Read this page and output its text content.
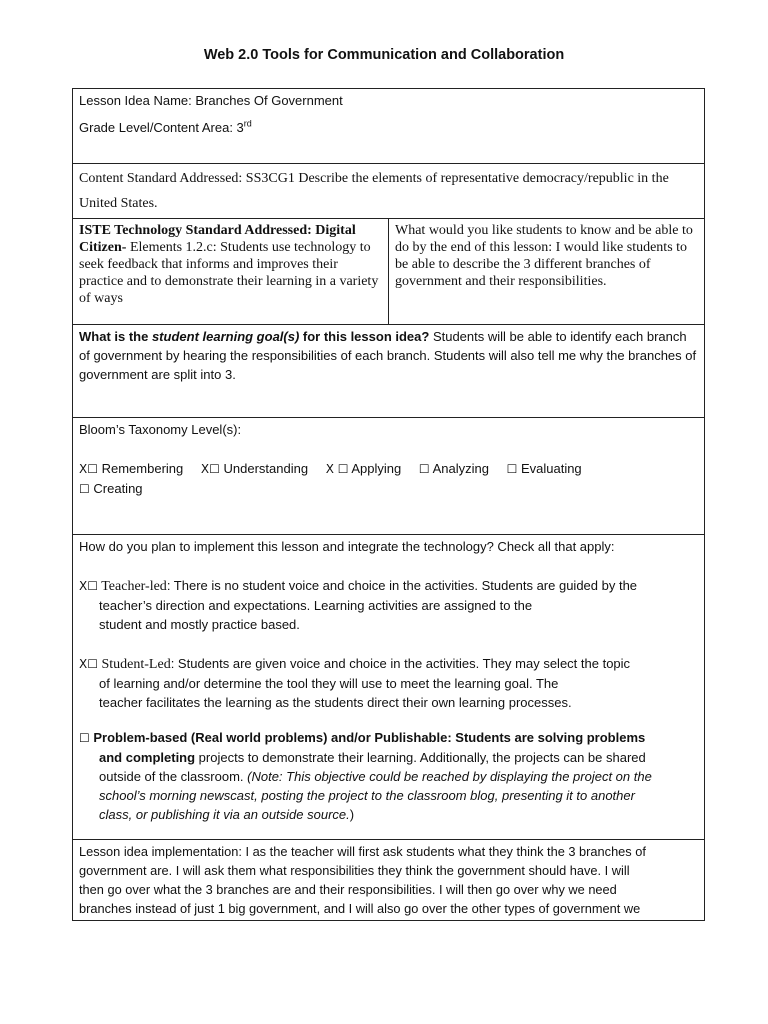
Web 2.0 Tools for Communication and Collaboration

Lesson Idea Name: Branches Of Government

Grade Level/Content Area: 3rd

Content Standard Addressed: SS3CG1 Describe the elements of representative democracy/republic in the United States.
ISTE Technology Standard Addressed: Digital Citizen- Elements 1.2.c: Students use technology to seek feedback that informs and improves their practice and to demonstrate their learning in a variety of ways	What would you like students to know and be able to do by the end of this lesson: I would like students to be able to describe the 3 different branches of government and their responsibilities.

What is the student learning goal(s) for this lesson idea? Students will be able to identify each branch of government by hearing the responsibilities of each branch. Students will also tell me why the branches of government are split into 3.

Bloom’s Taxonomy Level(s):

X☐ Remembering X☐ Understanding X ☐ Applying ☐ Analyzing ☐ Evaluating

☐ Creating

How do you plan to implement this lesson and integrate the technology? Check all that apply:

X☐ Teacher-led: There is no student voice and choice in the activities. Students are guided by the

teacher’s direction and expectations. Learning activities are assigned to the

student and mostly practice based.

X☐ Student-Led: Students are given voice and choice in the activities. They may select the topic

of learning and/or determine the tool they will use to meet the learning goal. The

teacher facilitates the learning as the students direct their own learning processes.

☐ Problem-based (Real world problems) and/or Publishable: Students are solving problems

and completing projects to demonstrate their learning. Additionally, the projects can be shared

outside of the classroom. (Note: This objective could be reached by displaying the project on the

school’s morning newscast, posting the project to the classroom blog, presenting it to another

class, or publishing it via an outside source.)

Lesson idea implementation: I as the teacher will first ask students what they think the 3 branches of

government are. I will ask them what responsibilities they think the government should have. I will

then go over what the 3 branches are and their responsibilities. I will then go over why we need

branches instead of just 1 big government, and I will also go over the other types of government we
